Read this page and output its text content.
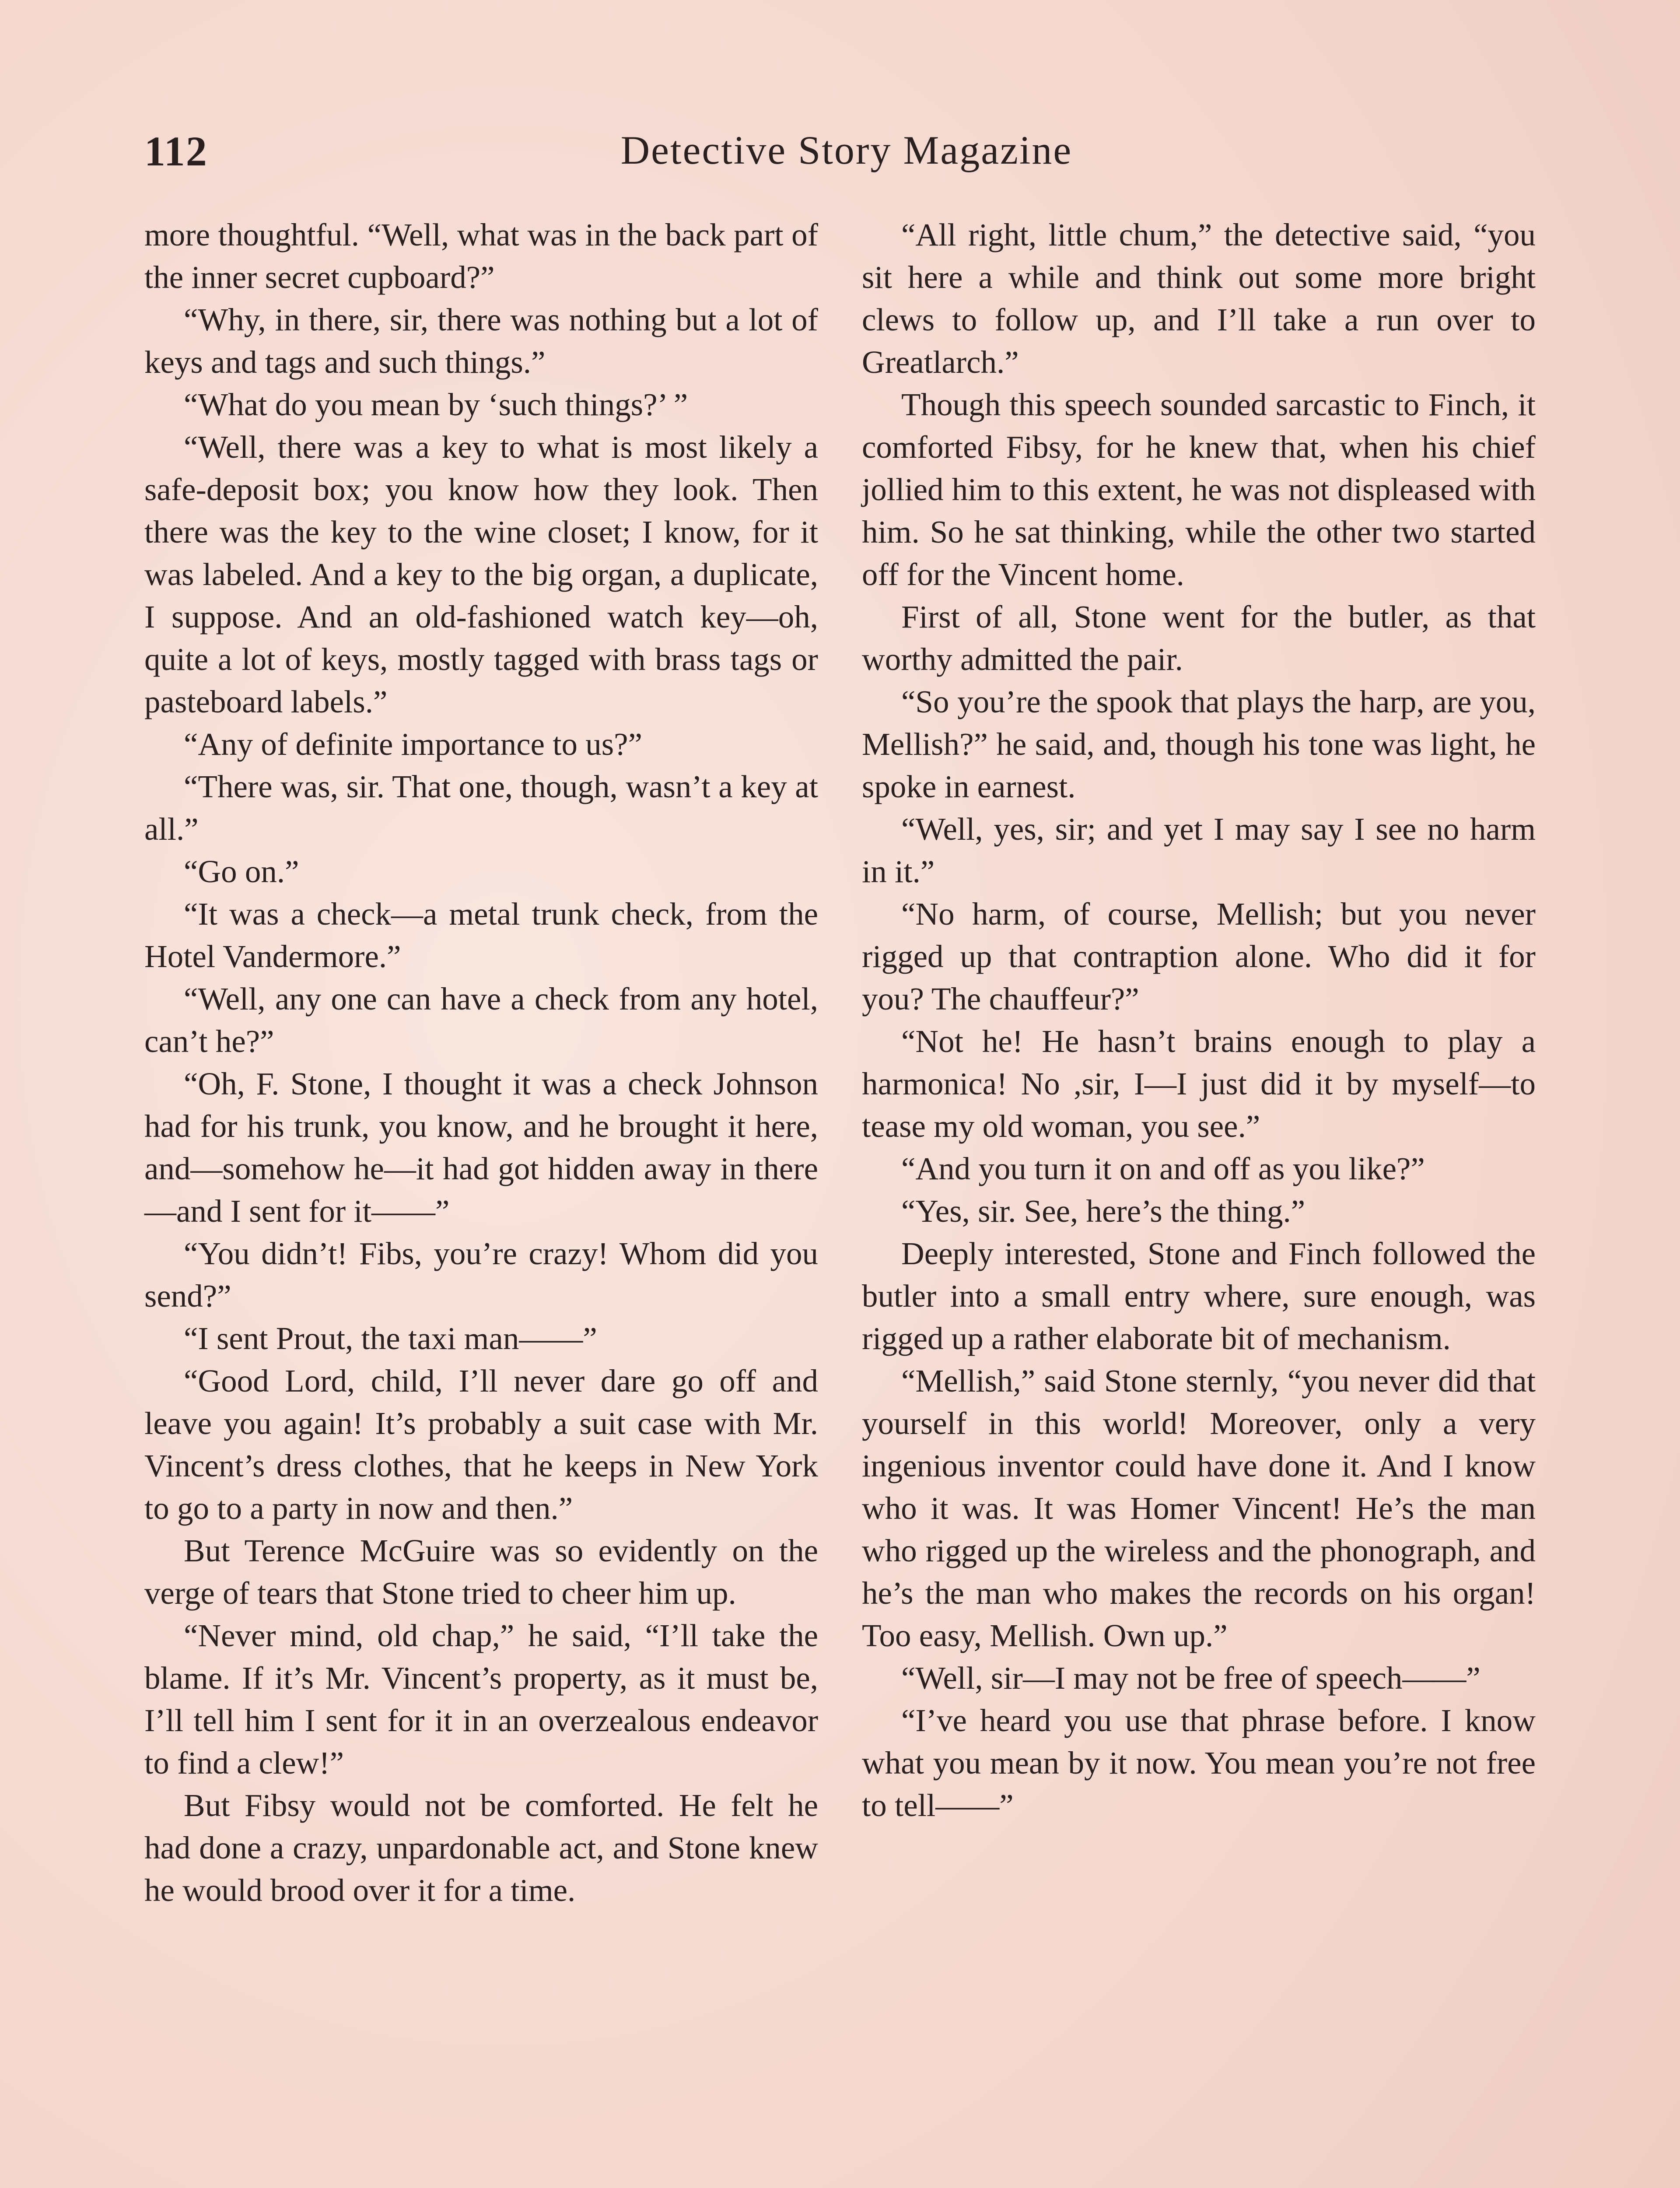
112	Detective Story Magazine

more thoughtful. “Well, what was in the back part of the inner secret cupboard?”

“Why, in there, sir, there was nothing but a lot of keys and tags and such things.”

“What do you mean by ‘such things?’ ”

“Well, there was a key to what is most likely a safe-deposit box; you know how they look. Then there was the key to the wine closet; I know, for it was labeled. And a key to the big organ, a duplicate, I suppose. And an old-fashioned watch key—oh, quite a lot of keys, mostly tagged with brass tags or pasteboard labels.”

“Any of definite importance to us?”

“There was, sir. That one, though, wasn’t a key at all.”

“Go on.”

“It was a check—a metal trunk check, from the Hotel Vandermore.”

“Well, any one can have a check from any hotel, can’t he?”

“Oh, F. Stone, I thought it was a check Johnson had for his trunk, you know, and he brought it here, and—somehow he—it had got hidden away in there—and I sent for it——”

“You didn’t! Fibs, you’re crazy! Whom did you send?”

“I sent Prout, the taxi man——”

“Good Lord, child, I’ll never dare go off and leave you again! It’s probably a suit case with Mr. Vincent’s dress clothes, that he keeps in New York to go to a party in now and then.”

But Terence McGuire was so evidently on the verge of tears that Stone tried to cheer him up.

“Never mind, old chap,” he said, “I’ll take the blame. If it’s Mr. Vincent’s property, as it must be, I’ll tell him I sent for it in an overzealous endeavor to find a clew!”

But Fibsy would not be comforted. He felt he had done a crazy, unpardonable act, and Stone knew he would brood over it for a time.

“All right, little chum,” the detective said, “you sit here a while and think out some more bright clews to follow up, and I’ll take a run over to Greatlarch.”

Though this speech sounded sarcastic to Finch, it comforted Fibsy, for he knew that, when his chief jollied him to this extent, he was not displeased with him. So he sat thinking, while the other two started off for the Vincent home.

First of all, Stone went for the butler, as that worthy admitted the pair.

“So you’re the spook that plays the harp, are you, Mellish?” he said, and, though his tone was light, he spoke in earnest.

“Well, yes, sir; and yet I may say I see no harm in it.”

“No harm, of course, Mellish; but you never rigged up that contraption alone. Who did it for you? The chauffeur?”

“Not he! He hasn’t brains enough to play a harmonica! No ,sir, I—I just did it by myself—to tease my old woman, you see.”

“And you turn it on and off as you like?”

“Yes, sir. See, here’s the thing.”

Deeply interested, Stone and Finch followed the butler into a small entry where, sure enough, was rigged up a rather elaborate bit of mechanism.

“Mellish,” said Stone sternly, “you never did that yourself in this world! Moreover, only a very ingenious inventor could have done it. And I know who it was. It was Homer Vincent! He’s the man who rigged up the wireless and the phonograph, and he’s the man who makes the records on his organ! Too easy, Mellish. Own up.”

“Well, sir—I may not be free of speech——”

“I’ve heard you use that phrase before. I know what you mean by it now. You mean you’re not free to tell——”
